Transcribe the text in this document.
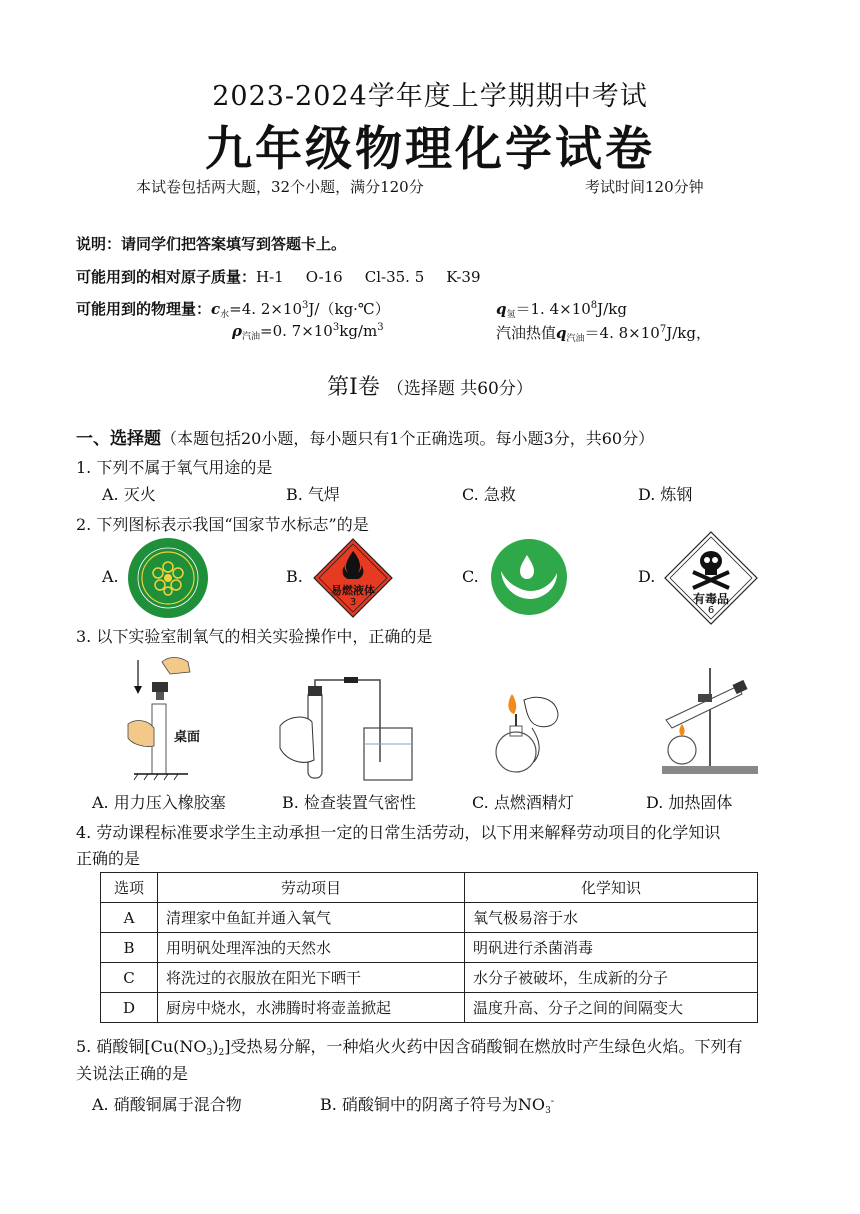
2023-2024学年度上学期期中考试
九年级物理化学试卷
本试卷包括两大题，32个小题，满分120分	考试时间120分钟
说明：请同学们把答案填写到答题卡上。
可能用到的相对原子质量：H-1 O-16 Cl-35. 5 K-39
可能用到的物理量：$c_水=4$. $2\times 10^3J/(kg\cdot℃)$	$q_氢=1$. $4\times 10^8J/kg$
$\rho_{汽油}=0$. $7\times 10^3kg/m^3$	汽油热值$q_{汽油}=4$. $8\times 10^7J/kg$，
第I卷 （选择题 共60分）
一、选择题（本题包括20小题，每小题只有1个正确选项。每小题3分，共60分）
1. 下列不属于氧气用途的是
A. 灭火	B. 气焊	C. 急救	D. 炼钢
2. 下列图标表示我国“国家节水标志”的是
A.	B.	C.	D.
易燃液体
3	有毒品
6
3. 以下实验室制氧气的相关实验操作中，正确的是
桌面
A. 用力压入橡胶塞	B. 检查装置气密性	C. 点燃酒精灯	D. 加热固体
4. 劳动课程标准要求学生主动承担一定的日常生活劳动，以下用来解释劳动项目的化学知识
正确的是
选项	劳动项目	化学知识
A	清理家中鱼缸并通入氧气	氧气极易溶于水
B	用明矾处理浑浊的天然水	明矾进行杀菌消毒
C	将洗过的衣服放在阳光下晒干	水分子被破坏，生成新的分子
D	厨房中烧水，水沸腾时将壶盖掀起	温度升高、分子之间的间隔变大
5. 硝酸铜$[Cu(NO_3)_2]$受热易分解，一种焰火火药中因含硝酸铜在燃放时产生绿色火焰。下列有
关说法正确的是
A. 硝酸铜属于混合物	B. 硝酸铜中的阴离子符号为$NO_3^-$
